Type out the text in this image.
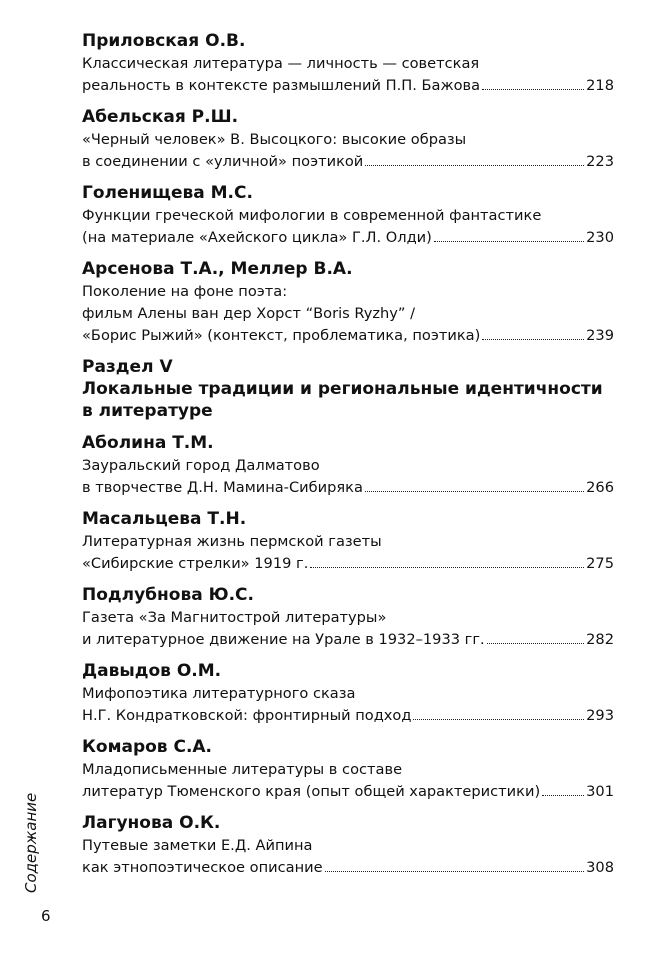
Приловская О.В.
Классическая литература — личность — советская
реальность в контексте размышлений П.П. Бажова	218
Абельская Р.Ш.
«Черный человек» В. Высоцкого: высокие образы
в соединении с «уличной» поэтикой	223
Голенищева М.С.
Функции греческой мифологии в современной фантастике
(на материале «Ахейского цикла» Г.Л. Олди)	230
Арсенова Т.А., Меллер В.А.
Поколение на фоне поэта:
фильм Алены ван дер Хорст “Boris Ryzhy” /
«Борис Рыжий» (контекст, проблематика, поэтика)	239
Раздел V
Локальные традиции и региональные идентичности
в литературе
Аболина Т.М.
Зауральский город Далматово
в творчестве Д.Н. Мамина-Сибиряка	266
Масальцева Т.Н.
Литературная жизнь пермской газеты
«Сибирские стрелки» 1919 г.	275
Подлубнова Ю.С.
Газета «За Магнитострой литературы»
и литературное движение на Урале в 1932–1933 гг.	282
Давыдов О.М.
Мифопоэтика литературного сказа
Н.Г. Кондратковской: фронтирный подход	293
Комаров С.А.
Младописьменные литературы в составе
литератур Тюменского края (опыт общей характеристики)	301
Лагунова О.К.
Путевые заметки Е.Д. Айпина
как этнопоэтическое описание	308
Содержание
6
